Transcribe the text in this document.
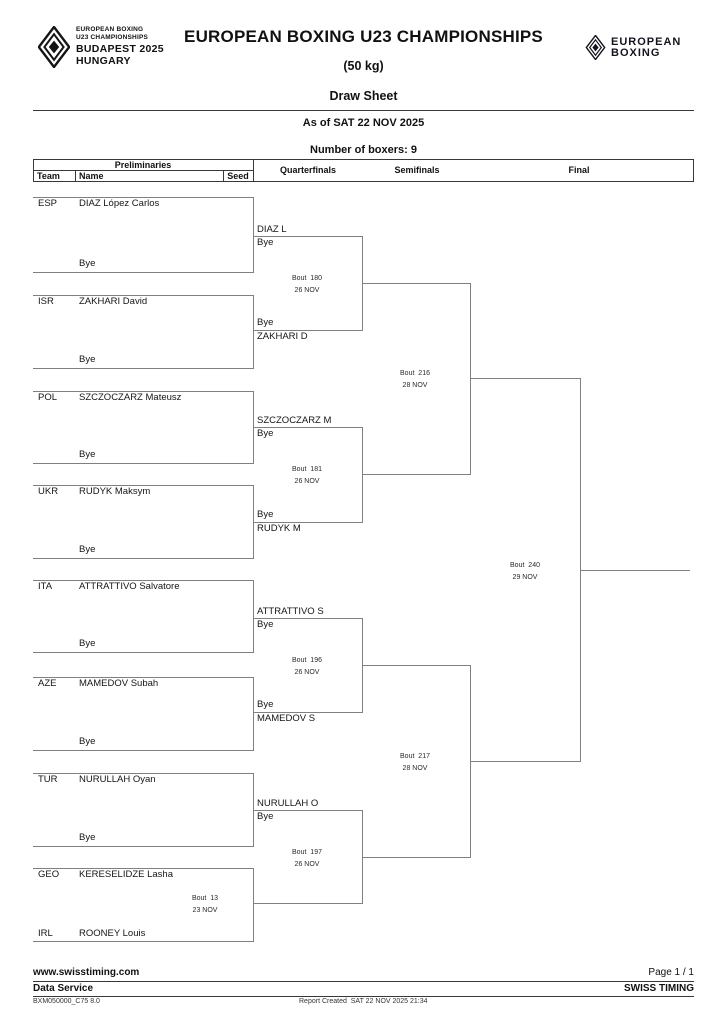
EUROPEAN BOXING
U23 CHAMPIONSHIPS
BUDAPEST 2025
HUNGARY
EUROPEAN
BOXING
EUROPEAN BOXING U23 CHAMPIONSHIPS
(50 kg)
Draw Sheet
As of SAT 22 NOV 2025
Number of boxers: 9
Preliminaries
Team Name	Seed
Quarterfinals	Semifinals	Final
ESP DIAZ López Carlos
Bye
ISR	ZAKHARI David
Bye
POL SZCZOCZARZ Mateusz
Bye
UKR RUDYK Maksym
Bye
ITA	ATTRATTIVO Salvatore
Bye
AZE MAMEDOV Subah
Bye
TUR NURULLAH Oyan
Bye
GEO KERESELIDZE Lasha
IRL	ROONEY Louis
Bout  13
23 NOV
DIAZ L
Bye
Bye
ZAKHARI D
Bout  180
26 NOV
SZCZOCZARZ M
Bye
Bye
RUDYK M
Bout  181
26 NOV
ATTRATTIVO S
Bye
Bye
MAMEDOV S
Bout  196
26 NOV
NURULLAH O
Bye
Bout  197
26 NOV
Bout  216
28 NOV
Bout  217
28 NOV
Bout  240
29 NOV
www.swisstiming.com	Page 1 / 1
Data Service	SWISS TIMING
BXM050000_C75 8.0	Report Created  SAT 22 NOV 2025 21:34
